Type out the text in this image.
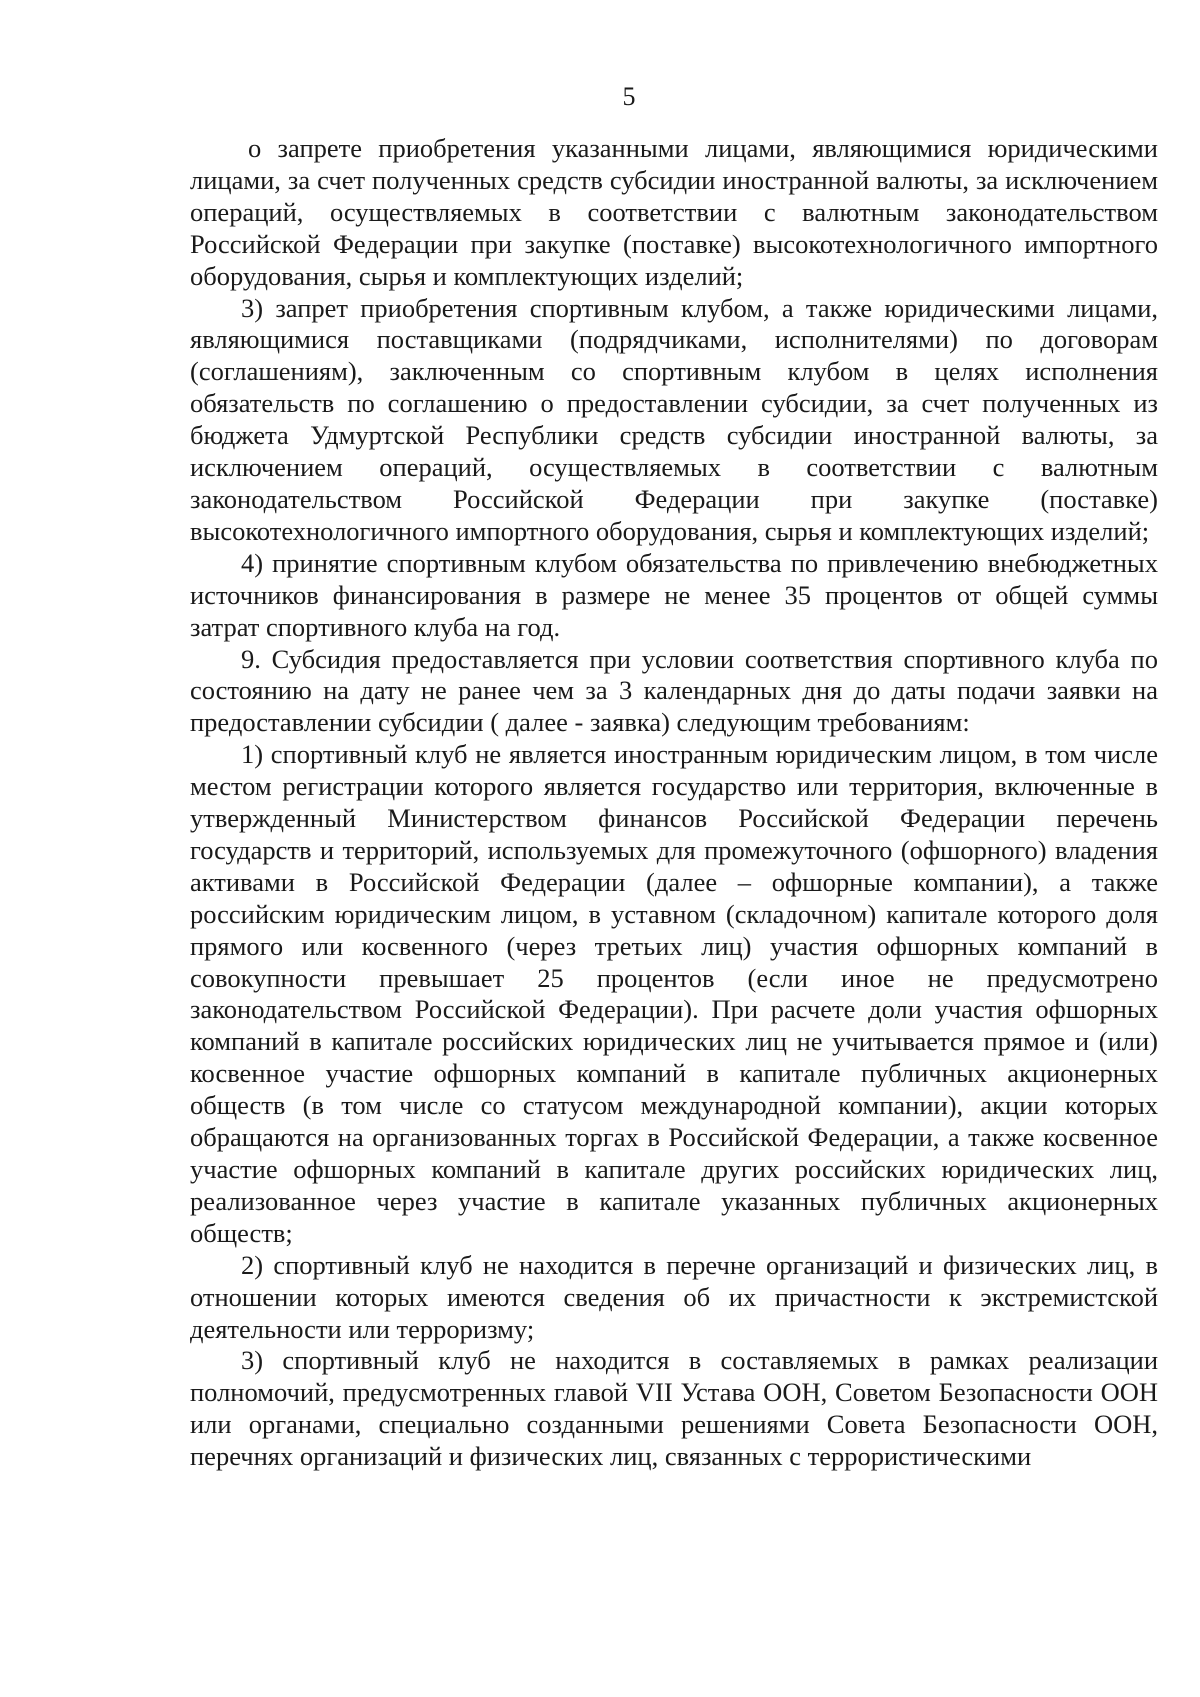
5

о запрете приобретения указанными лицами, являющимися юридическими лицами, за счет полученных средств субсидии иностранной валюты, за исключением операций, осуществляемых в соответствии с валютным законодательством Российской Федерации при закупке (поставке) высокотехнологичного импортного оборудования, сырья и комплектующих изделий;

3) запрет приобретения спортивным клубом, а также юридическими лицами, являющимися поставщиками (подрядчиками, исполнителями) по договорам (соглашениям), заключенным со спортивным клубом в целях исполнения обязательств по соглашению о предоставлении субсидии, за счет полученных из бюджета Удмуртской Республики средств субсидии иностранной валюты, за исключением операций, осуществляемых в соответствии с валютным законодательством Российской Федерации при закупке (поставке) высокотехнологичного импортного оборудования, сырья и комплектующих изделий;

4) принятие спортивным клубом обязательства по привлечению внебюджетных источников финансирования в размере не менее 35 процентов от общей суммы затрат спортивного клуба на год.

9. Субсидия предоставляется при условии соответствия спортивного клуба по состоянию на дату не ранее чем за 3 календарных дня до даты подачи заявки на предоставлении субсидии ( далее - заявка) следующим требованиям:

1) спортивный клуб не является иностранным юридическим лицом, в том числе местом регистрации которого является государство или территория, включенные в утвержденный Министерством финансов Российской Федерации перечень государств и территорий, используемых для промежуточного (офшорного) владения активами в Российской Федерации (далее – офшорные компании), а также российским юридическим лицом, в уставном (складочном) капитале которого доля прямого или косвенного (через третьих лиц) участия офшорных компаний в совокупности превышает 25 процентов (если иное не предусмотрено законодательством Российской Федерации). При расчете доли участия офшорных компаний в капитале российских юридических лиц не учитывается прямое и (или) косвенное участие офшорных компаний в капитале публичных акционерных обществ (в том числе со статусом международной компании), акции которых обращаются на организованных торгах в Российской Федерации, а также косвенное участие офшорных компаний в капитале других российских юридических лиц, реализованное через участие в капитале указанных публичных акционерных обществ;

2) спортивный клуб не находится в перечне организаций и физических лиц, в отношении которых имеются сведения об их причастности к экстремистской деятельности или терроризму;

3) спортивный клуб не находится в составляемых в рамках реализации полномочий, предусмотренных главой VII Устава ООН, Советом Безопасности ООН или органами, специально созданными решениями Совета Безопасности ООН, перечнях организаций и физических лиц, связанных с террористическими
